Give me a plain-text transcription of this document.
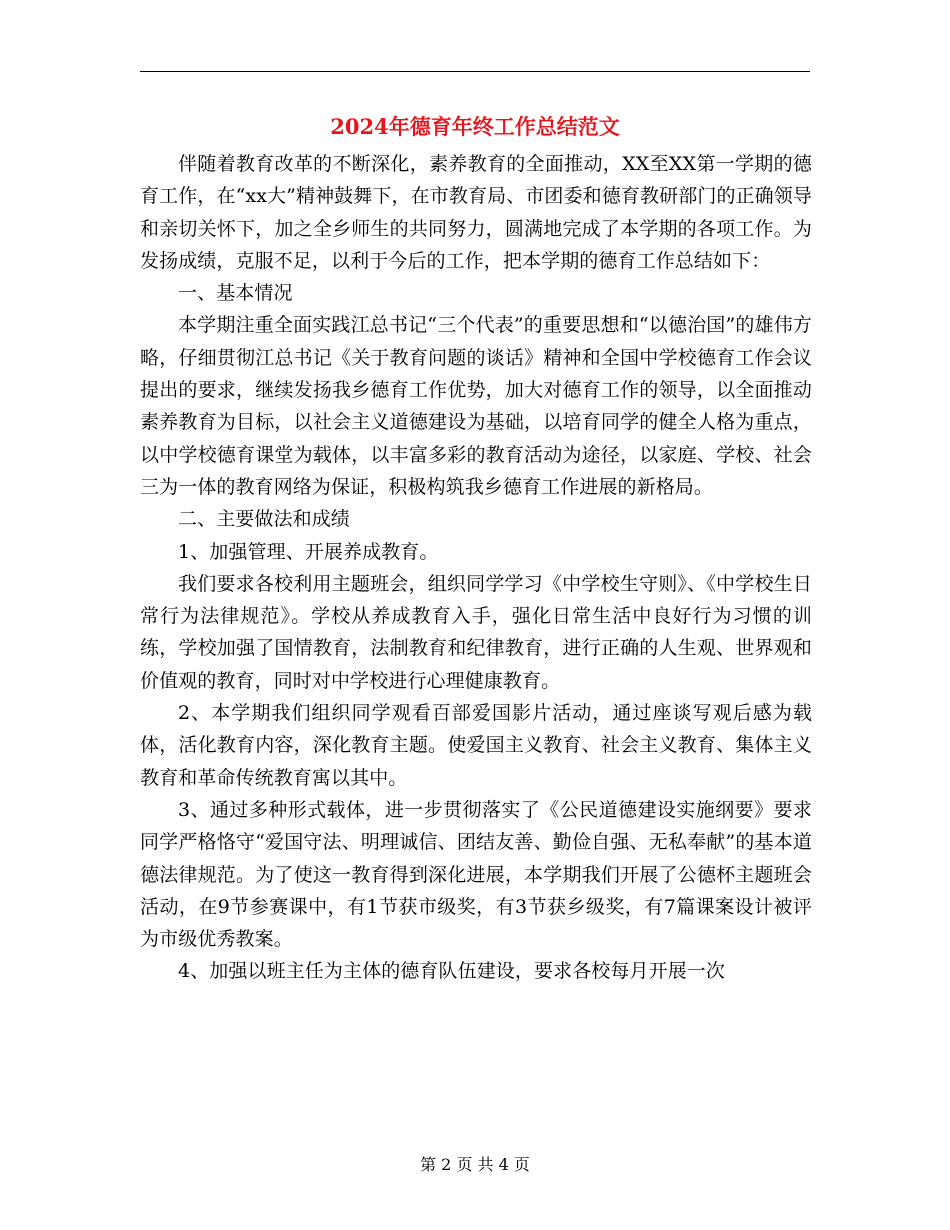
2024年德育年终工作总结范文

伴随着教育改革的不断深化，素养教育的全面推动，XX至XX第一学期的德育工作，在“xx大”精神鼓舞下，在市教育局、市团委和德育教研部门的正确领导和亲切关怀下，加之全乡师生的共同努力，圆满地完成了本学期的各项工作。为发扬成绩，克服不足，以利于今后的工作，把本学期的德育工作总结如下：

一、基本情况

本学期注重全面实践江总书记“三个代表”的重要思想和“以德治国”的雄伟方略，仔细贯彻江总书记《关于教育问题的谈话》精神和全国中学校德育工作会议提出的要求，继续发扬我乡德育工作优势，加大对德育工作的领导，以全面推动素养教育为目标，以社会主义道德建设为基础，以培育同学的健全人格为重点，以中学校德育课堂为载体，以丰富多彩的教育活动为途径，以家庭、学校、社会三为一体的教育网络为保证，积极构筑我乡德育工作进展的新格局。

二、主要做法和成绩

1、加强管理、开展养成教育。

我们要求各校利用主题班会，组织同学学习《中学校生守则》、《中学校生日常行为法律规范》。学校从养成教育入手，强化日常生活中良好行为习惯的训练，学校加强了国情教育，法制教育和纪律教育，进行正确的人生观、世界观和价值观的教育，同时对中学校进行心理健康教育。

2、本学期我们组织同学观看百部爱国影片活动，通过座谈写观后感为载体，活化教育内容，深化教育主题。使爱国主义教育、社会主义教育、集体主义教育和革命传统教育寓以其中。

3、通过多种形式载体，进一步贯彻落实了《公民道德建设实施纲要》要求同学严格恪守“爱国守法、明理诚信、团结友善、勤俭自强、无私奉献”的基本道德法律规范。为了使这一教育得到深化进展，本学期我们开展了公德杯主题班会活动，在9节参赛课中，有1节获市级奖，有3节获乡级奖，有7篇课案设计被评为市级优秀教案。

4、加强以班主任为主体的德育队伍建设，要求各校每月开展一次

第 2 页 共 4 页
